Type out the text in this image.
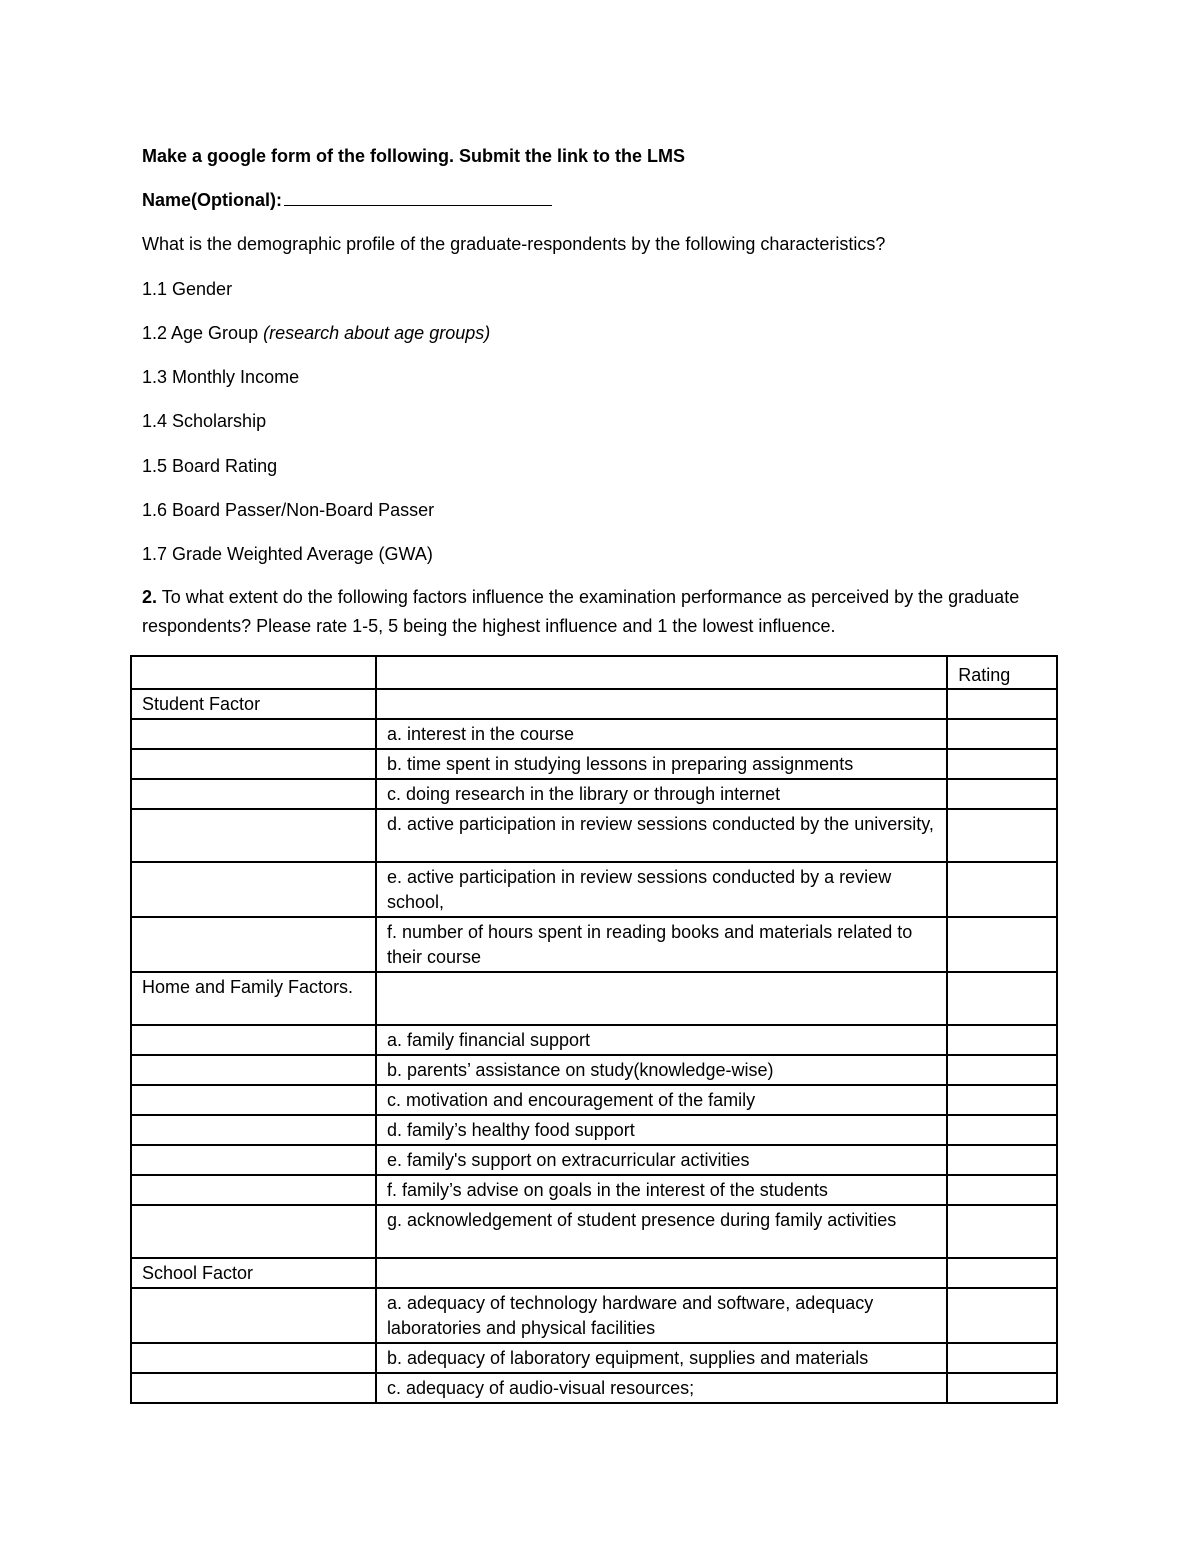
Make a google form of the following. Submit the link to the LMS
Name(Optional):
What is the demographic profile of the graduate-respondents by the following characteristics?
1.1 Gender
1.2 Age Group (research about age groups)
1.3 Monthly Income
1.4 Scholarship
1.5 Board Rating
1.6 Board Passer/Non-Board Passer
1.7 Grade Weighted Average (GWA)
2. To what extent do the following factors influence the examination performance as perceived by the graduate respondents? Please rate 1-5, 5 being the highest influence and 1 the lowest influence.
		Rating
Student Factor		
	a. interest in the course	
	b. time spent in studying lessons in preparing assignments	
	c. doing research in the library or through internet	
	d. active participation in review sessions conducted by the university,	
	e. active participation in review sessions conducted by a review school,	
	f. number of hours spent in reading books and materials related to their course	
Home and Family Factors.		
	a. family financial support	
	b. parents’ assistance on study(knowledge-wise)	
	c. motivation and encouragement of the family	
	d. family’s healthy food support	
	e. family's support on extracurricular activities	
	f. family’s advise on goals in the interest of the students	
	g. acknowledgement of student presence during family activities	
School Factor		
	a. adequacy of technology hardware and software, adequacy laboratories and physical facilities	
	b. adequacy of laboratory equipment, supplies and materials	
	c. adequacy of audio-visual resources;	
